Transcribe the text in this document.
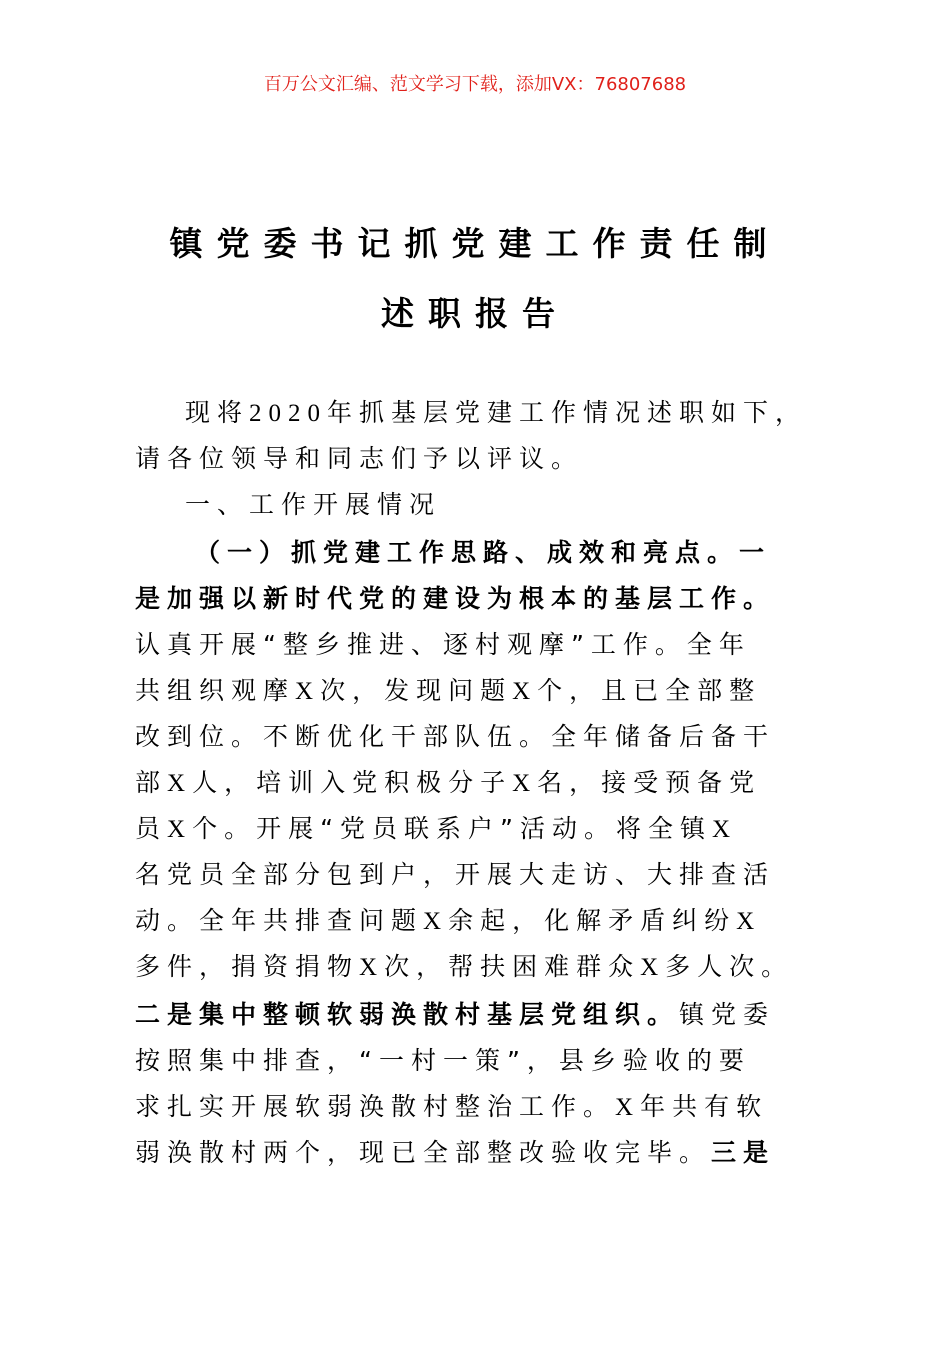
百万公文汇编、范文学习下载，添加VX：76807688
镇党委书记抓党建工作责任制
述职报告
现将2020年抓基层党建工作情况述职如下，
请各位领导和同志们予以评议。
一、工作开展情况
（一）抓党建工作思路、成效和亮点。一
是加强以新时代党的建设为根本的基层工作。
认真开展“整乡推进、逐村观摩”工作。全年
共组织观摩X次，发现问题X个，且已全部整
改到位。不断优化干部队伍。全年储备后备干
部X人，培训入党积极分子X名，接受预备党
员X个。开展“党员联系户”活动。将全镇X
名党员全部分包到户，开展大走访、大排查活
动。全年共排查问题X余起，化解矛盾纠纷X
多件，捐资捐物X次，帮扶困难群众X多人次。
二是集中整顿软弱涣散村基层党组织。镇党委
按照集中排查，“一村一策”，县乡验收的要
求扎实开展软弱涣散村整治工作。X年共有软
弱涣散村两个，现已全部整改验收完毕。三是
